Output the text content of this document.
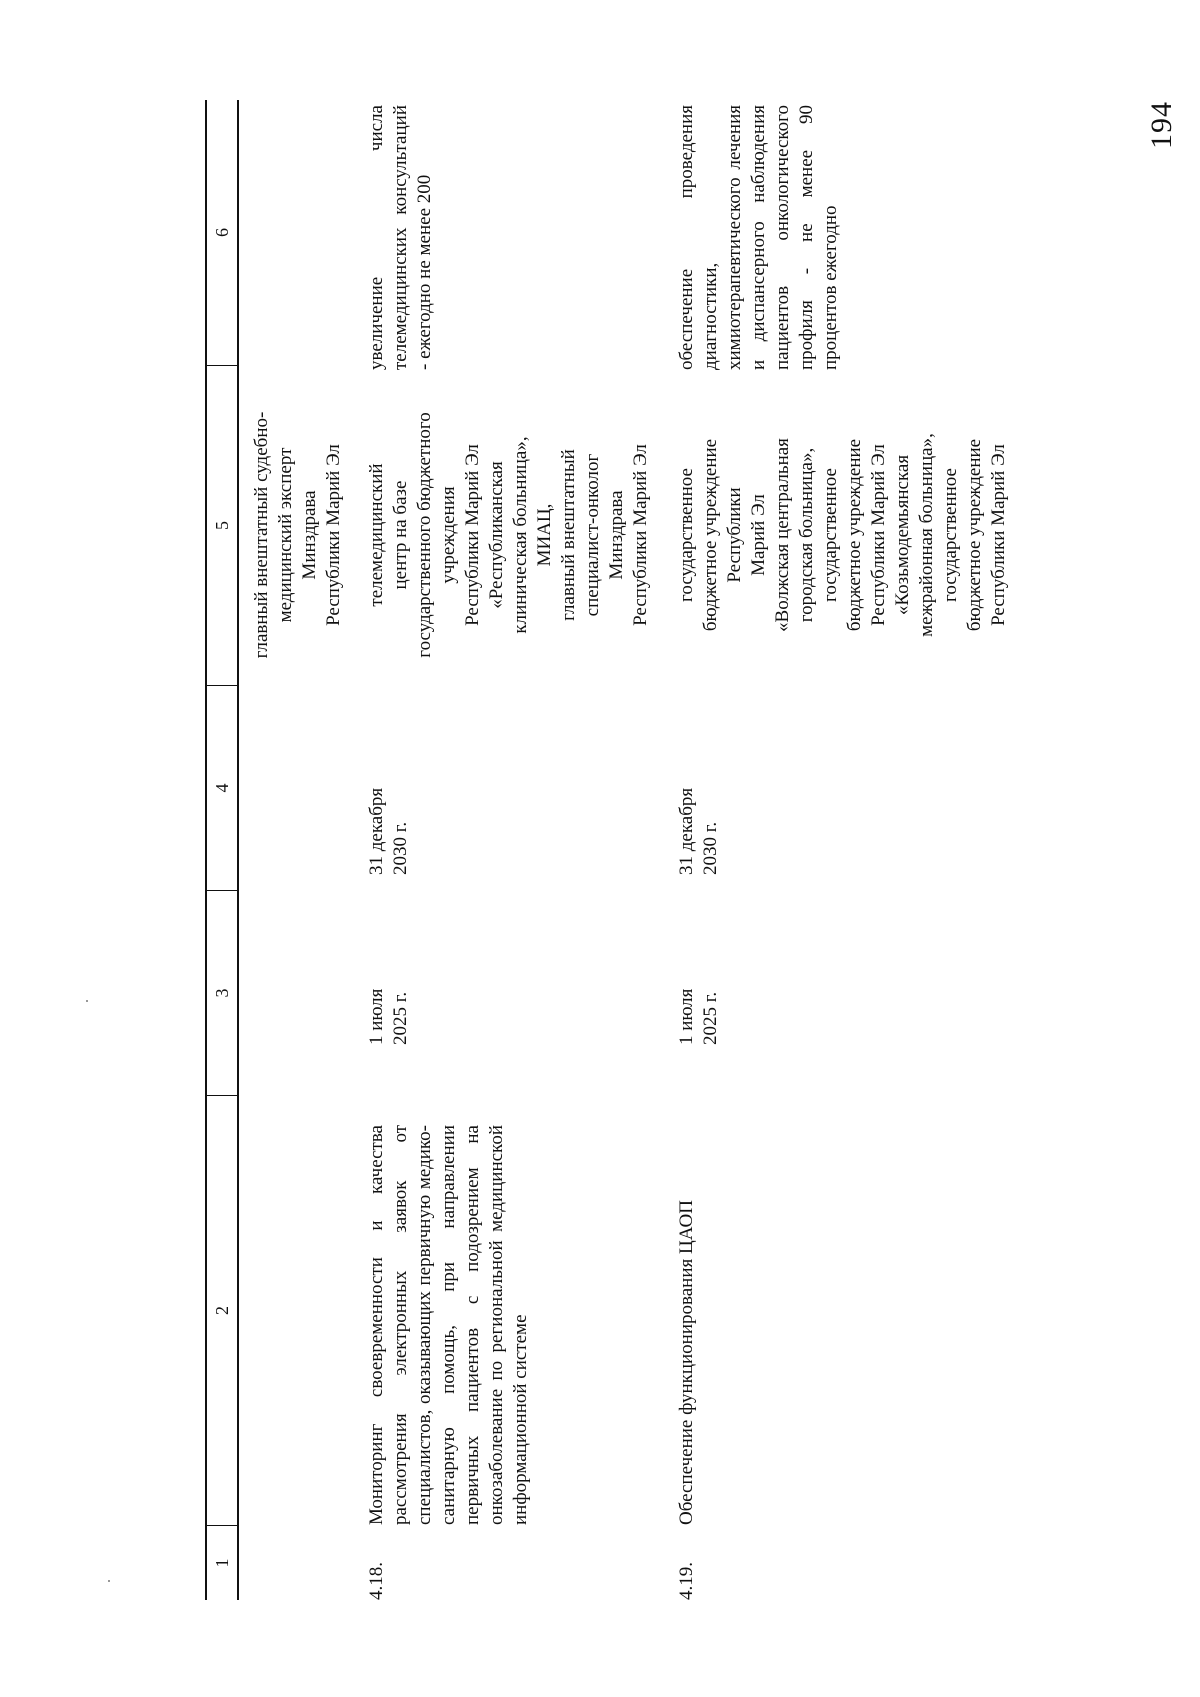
194
1
2
3
4
5
6
главный внештатный судебно-
медицинский эксперт
Минздрава
Республики Марий Эл
4.18.
Мониторинг своевременности и качества рассмотрения электронных заявок от специалистов, оказывающих первичную медико-санитарную помощь, при направлении первичных пациентов с подозрением на онкозаболевание по региональной медицинской информационной системе
1 июля
2025 г.
31 декабря
2030 г.
телемедицинский
центр на базе
государственного бюджетного
учреждения
Республики Марий Эл
«Республиканская
клиническая больница»,
МИАЦ,
главный внештатный
специалист-онколог
Минздрава
Республики Марий Эл
увеличение числа телемедицинских консультаций - ежегодно не менее 200
4.19.
Обеспечение функционирования ЦАОП
1 июля
2025 г.
31 декабря
2030 г.
государственное
бюджетное учреждение
Республики
Марий Эл
«Волжская центральная
городская больница»,
государственное
бюджетное учреждение
Республики Марий Эл
«Козьмодемьянская
межрайонная больница»,
государственное
бюджетное учреждение
Республики Марий Эл
обеспечение проведения диагностики, химиотерапевтического лечения и диспансерного наблюдения пациентов онкологического профиля - не менее 90 процентов ежегодно
